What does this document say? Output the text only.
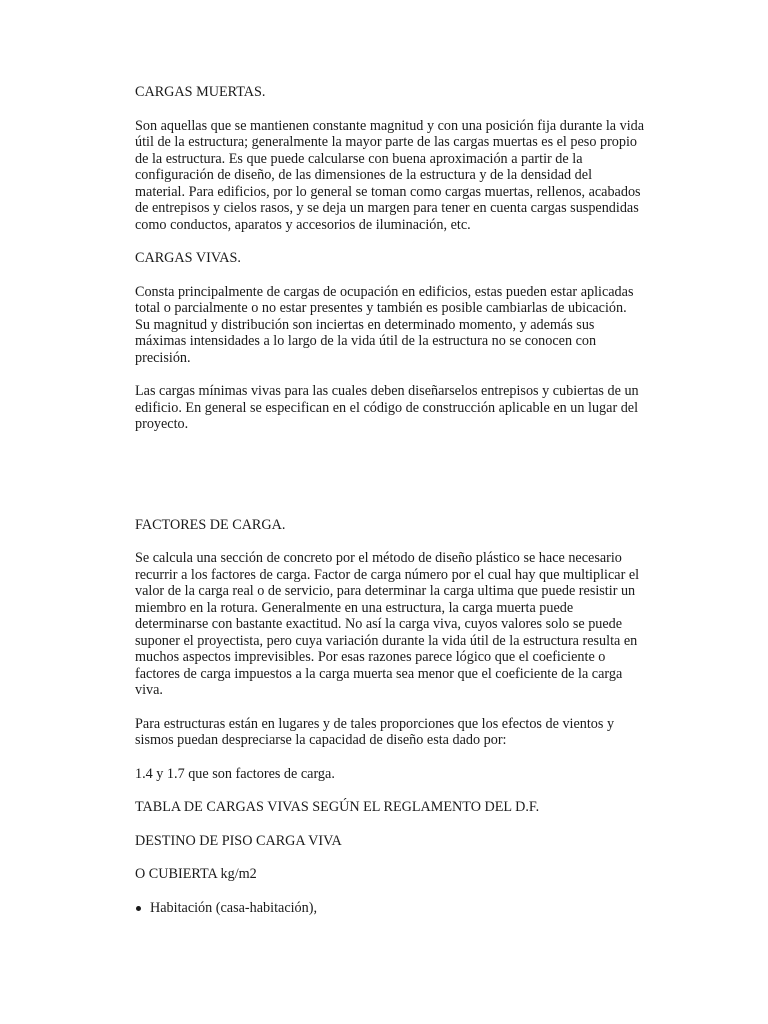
CARGAS MUERTAS.

Son aquellas que se mantienen constante magnitud y con una posición fija durante la vida útil de la estructura; generalmente la mayor parte de las cargas muertas es el peso propio de la estructura. Es que puede calcularse con buena aproximación a partir de la configuración de diseño, de las dimensiones de la estructura y de la densidad del material. Para edificios, por lo general se toman como cargas muertas, rellenos, acabados de entrepisos y cielos rasos, y se deja un margen para tener en cuenta cargas suspendidas como conductos, aparatos y accesorios de iluminación, etc.

CARGAS VIVAS.

Consta principalmente de cargas de ocupación en edificios, estas pueden estar aplicadas total o parcialmente o no estar presentes y también es posible cambiarlas de ubicación. Su magnitud y distribución son inciertas en determinado momento, y además sus máximas intensidades a lo largo de la vida útil de la estructura no se conocen con precisión.

Las cargas mínimas vivas para las cuales deben diseñarselos entrepisos y cubiertas de un edificio. En general se especifican en el código de construcción aplicable en un lugar del proyecto.

FACTORES DE CARGA.

Se calcula una sección de concreto por el método de diseño plástico se hace necesario recurrir a los factores de carga. Factor de carga número por el cual hay que multiplicar el valor de la carga real o de servicio, para determinar la carga ultima que puede resistir un miembro en la rotura. Generalmente en una estructura, la carga muerta puede determinarse con bastante exactitud. No así la carga viva, cuyos valores solo se puede suponer el proyectista, pero cuya variación durante la vida útil de la estructura resulta en muchos aspectos imprevisibles. Por esas razones parece lógico que el coeficiente o factores de carga impuestos a la carga muerta sea menor que el coeficiente de la carga viva.

Para estructuras están en lugares y de tales proporciones que los efectos de vientos y sismos puedan despreciarse la capacidad de diseño esta dado por:

1.4 y 1.7 que son factores de carga.

TABLA DE CARGAS VIVAS SEGÚN EL REGLAMENTO DEL D.F.

DESTINO DE PISO CARGA VIVA

O CUBIERTA kg/m2

Habitación (casa-habitación),
